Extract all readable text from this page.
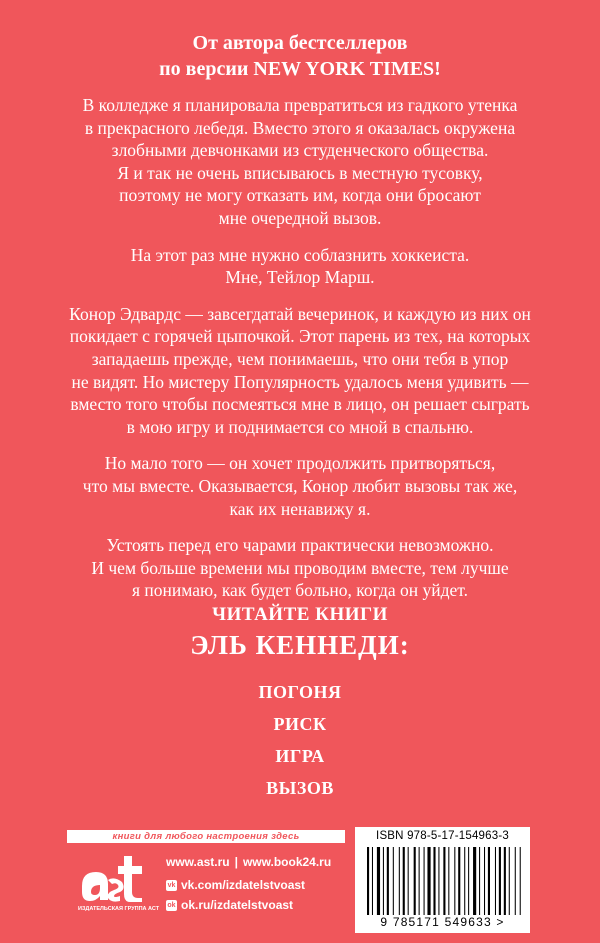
От автора бестселлеров
по версии NEW YORK TIMES!

В колледже я планировала превратиться из гадкого утенка
в прекрасного лебедя. Вместо этого я оказалась окружена
злобными девчонками из студенческого общества.
Я и так не очень вписываюсь в местную тусовку,
поэтому не могу отказать им, когда они бросают
мне очередной вызов.

На этот раз мне нужно соблазнить хоккеиста.
Мне, Тейлор Марш.

Конор Эдвардс — завсегдатай вечеринок, и каждую из них он
покидает с горячей цыпочкой. Этот парень из тех, на которых
западаешь прежде, чем понимаешь, что они тебя в упор
не видят. Но мистеру Популярность удалось меня удивить —
вместо того чтобы посмеяться мне в лицо, он решает сыграть
в мою игру и поднимается со мной в спальню.

Но мало того — он хочет продолжить притворяться,
что мы вместе. Оказывается, Конор любит вызовы так же,
как их ненавижу я.

Устоять перед его чарами практически невозможно.
И чем больше времени мы проводим вместе, тем лучше
я понимаю, как будет больно, когда он уйдет.

ЧИТАЙТЕ КНИГИ
ЭЛЬ КЕННЕДИ:
ПОГОНЯ
РИСК
ИГРА
ВЫЗОВ
книги для любого настроения здесь
ИЗДАТЕЛЬСКАЯ ГРУППА АСТ
www.ast.ru | www.book24.ru
vk vk.com/izdatelstvoast
ok ok.ru/izdatelstvoast
ISBN 978-5-17-154963-3
9 785171 549633 >
